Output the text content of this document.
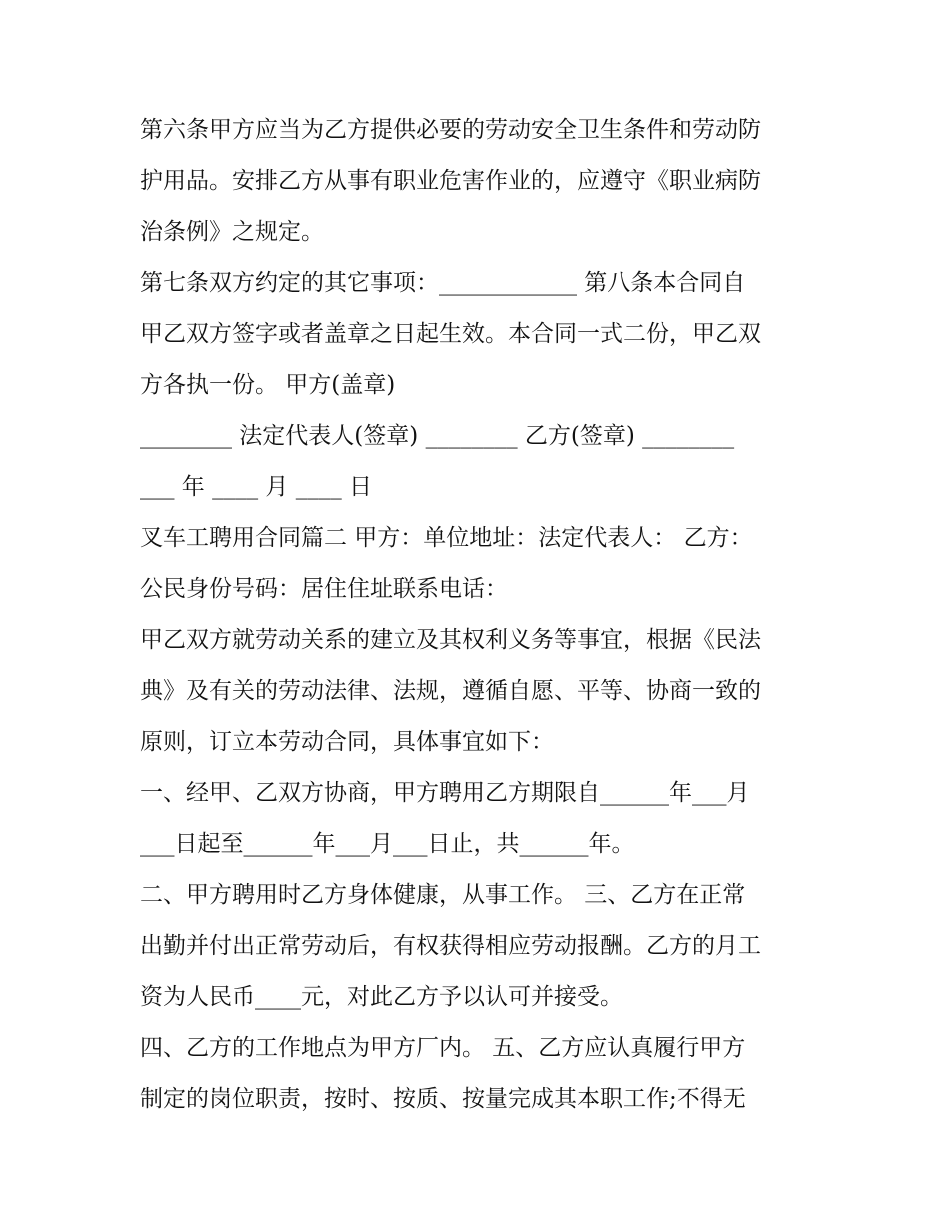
第六条甲方应当为乙方提供必要的劳动安全卫生条件和劳动防
护用品。安排乙方从事有职业危害作业的，应遵守《职业病防
治条例》之规定。
第七条双方约定的其它事项：____________ 第八条本合同自
甲乙双方签字或者盖章之日起生效。本合同一式二份，甲乙双
方各执一份。 甲方(盖章)
________ 法定代表人(签章) ________ 乙方(签章) ________
___ 年 ____ 月 ____ 日
叉车工聘用合同篇二 甲方：单位地址：法定代表人： 乙方：
公民身份号码：居住住址联系电话：
甲乙双方就劳动关系的建立及其权利义务等事宜，根据《民法
典》及有关的劳动法律、法规，遵循自愿、平等、协商一致的
原则，订立本劳动合同，具体事宜如下：
一、经甲、乙双方协商，甲方聘用乙方期限自______年___月
___日起至______年___月___日止，共______年。
二、甲方聘用时乙方身体健康，从事工作。 三、乙方在正常
出勤并付出正常劳动后，有权获得相应劳动报酬。乙方的月工
资为人民币____元，对此乙方予以认可并接受。
四、乙方的工作地点为甲方厂内。 五、乙方应认真履行甲方
制定的岗位职责，按时、按质、按量完成其本职工作;不得无
